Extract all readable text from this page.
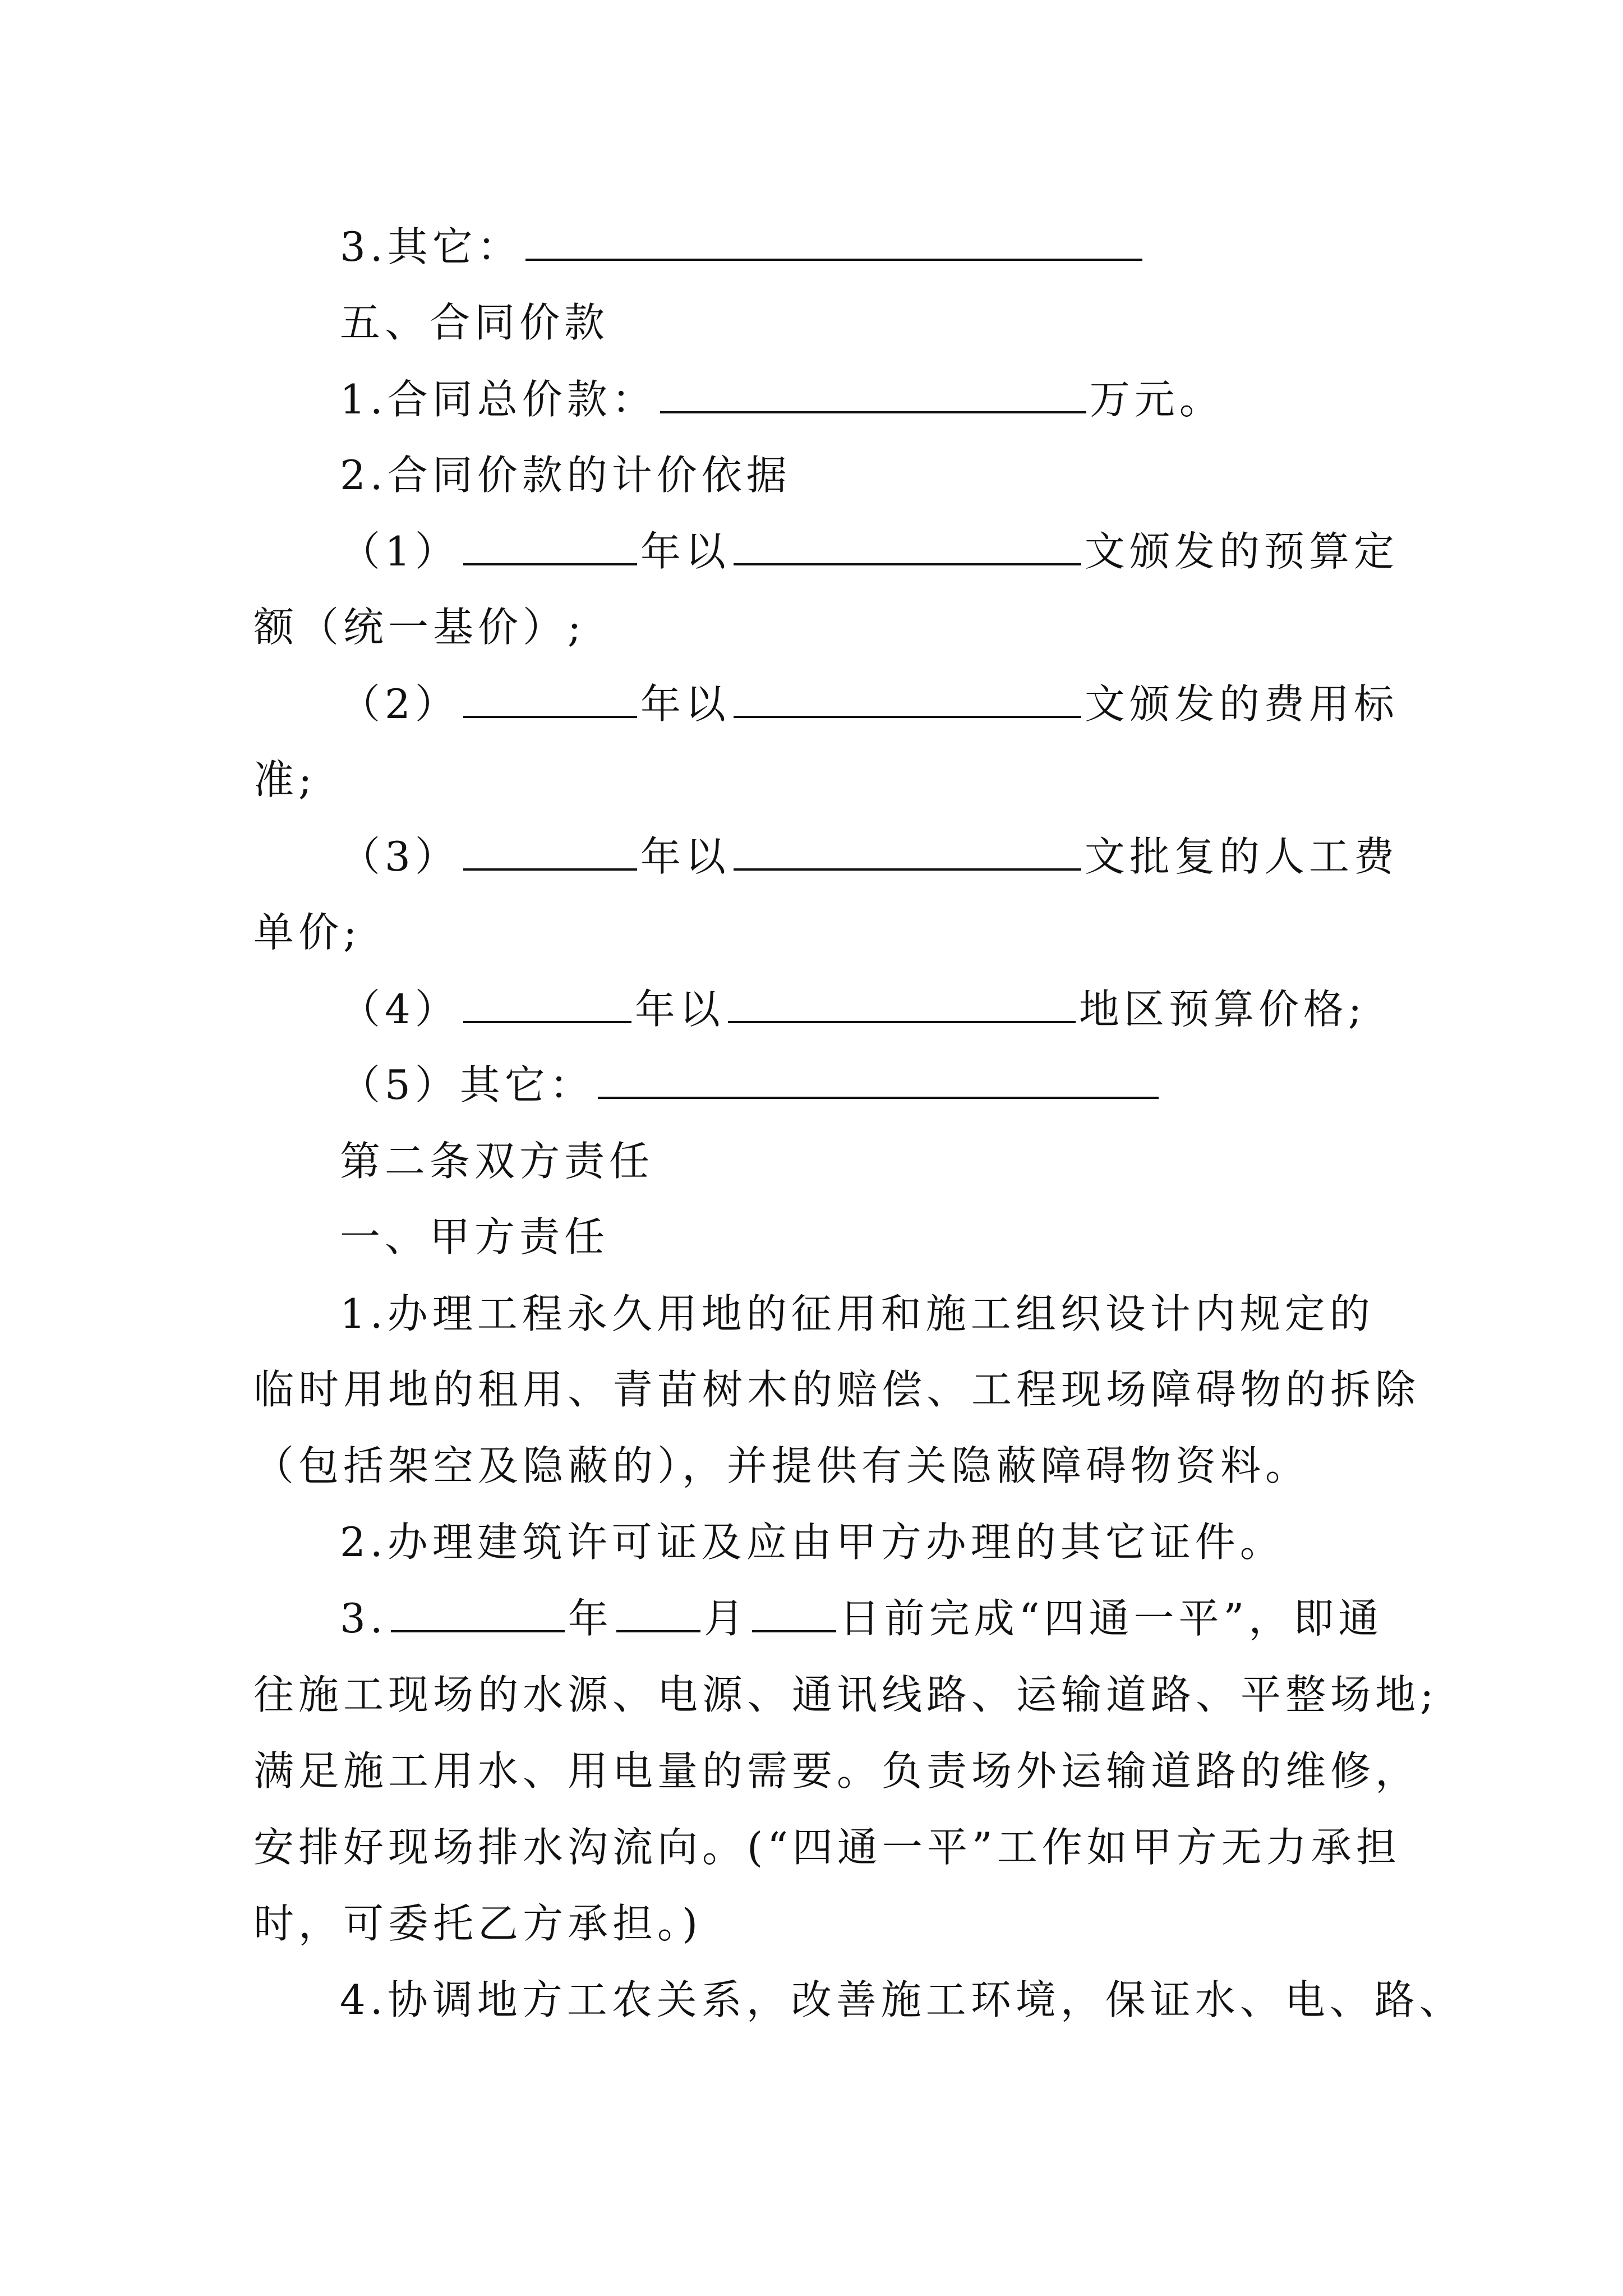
3.其它：
五、合同价款
1.合同总价款：	万元。
2.合同价款的计价依据
（1）	年以	文颁发的预算定
额（统一基价）;
（2）	年以	文颁发的费用标
准;
（3）	年以	文批复的人工费
单价;
（4）	年以	地区预算价格;
（5）其它：
第二条双方责任
一、甲方责任
1.办理工程永久用地的征用和施工组织设计内规定的
临时用地的租用、青苗树木的赔偿、工程现场障碍物的拆除
（包括架空及隐蔽的），并提供有关隐蔽障碍物资料。
2.办理建筑许可证及应由甲方办理的其它证件。
3.	年 月 日前完成“四通一平”，即通
往施工现场的水源、电源、通讯线路、运输道路、平整场地;
满足施工用水、用电量的需要。负责场外运输道路的维修，
安排好现场排水沟流向。(“四通一平”工作如甲方无力承担
时，可委托乙方承担。)
4.协调地方工农关系，改善施工环境，保证水、电、路、
